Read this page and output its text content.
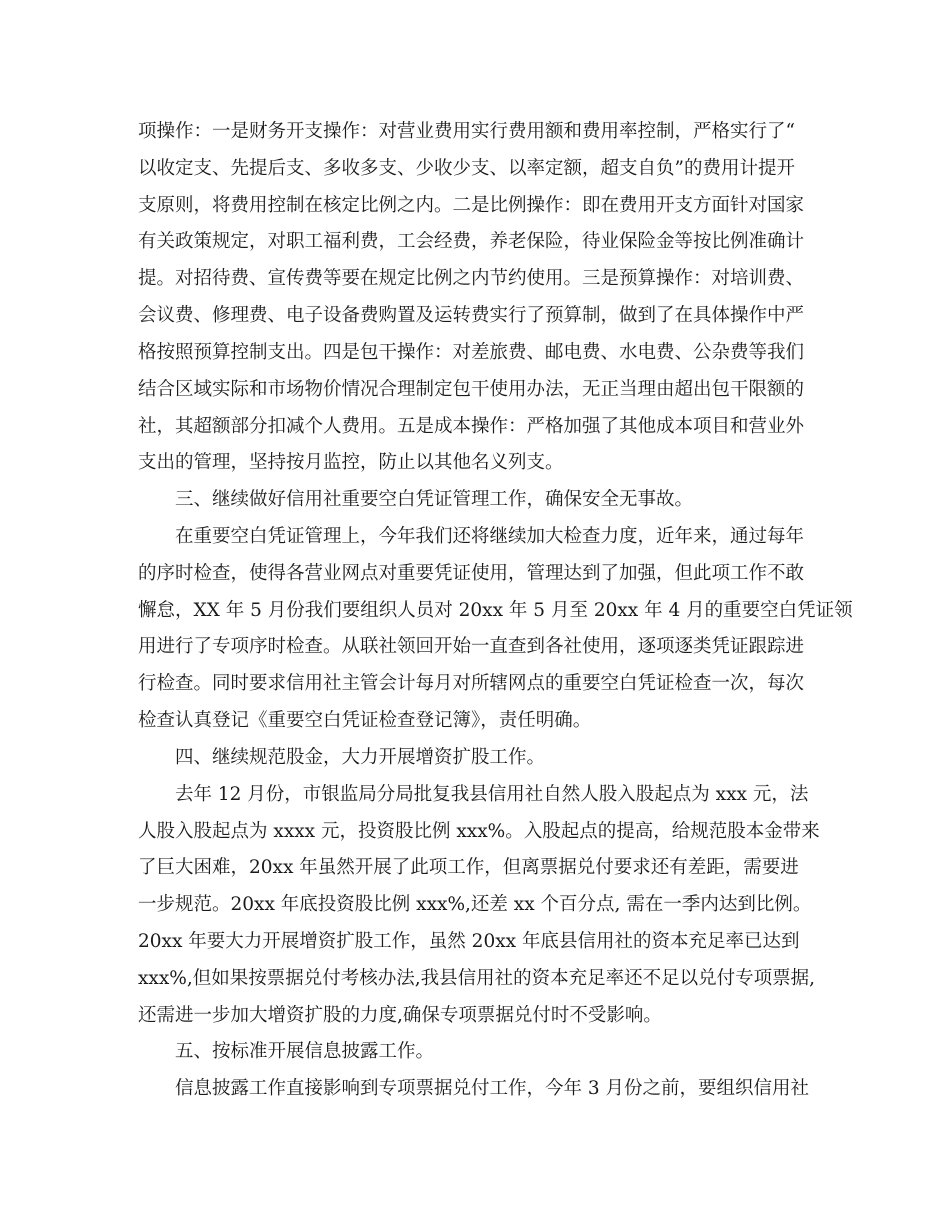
项操作：一是财务开支操作：对营业费用实行费用额和费用率控制，严格实行了“
以收定支、先提后支、多收多支、少收少支、以率定额，超支自负”的费用计提开
支原则，将费用控制在核定比例之内。二是比例操作：即在费用开支方面针对国家
有关政策规定，对职工福利费，工会经费，养老保险，待业保险金等按比例准确计
提。对招待费、宣传费等要在规定比例之内节约使用。三是预算操作：对培训费、
会议费、修理费、电子设备费购置及运转费实行了预算制，做到了在具体操作中严
格按照预算控制支出。四是包干操作：对差旅费、邮电费、水电费、公杂费等我们
结合区域实际和市场物价情况合理制定包干使用办法，无正当理由超出包干限额的
社，其超额部分扣减个人费用。五是成本操作：严格加强了其他成本项目和营业外
支出的管理，坚持按月监控，防止以其他名义列支。
三、继续做好信用社重要空白凭证管理工作，确保安全无事故。
在重要空白凭证管理上，今年我们还将继续加大检查力度，近年来，通过每年
的序时检查，使得各营业网点对重要凭证使用，管理达到了加强，但此项工作不敢
懈怠，XX 年 5 月份我们要组织人员对 20xx 年 5 月至 20xx 年 4 月的重要空白凭证领
用进行了专项序时检查。从联社领回开始一直查到各社使用，逐项逐类凭证跟踪进
行检查。同时要求信用社主管会计每月对所辖网点的重要空白凭证检查一次，每次
检查认真登记《重要空白凭证检查登记簿》，责任明确。
四、继续规范股金，大力开展增资扩股工作。
去年 12 月份，市银监局分局批复我县信用社自然人股入股起点为 xxx 元，法
人股入股起点为 xxxx 元，投资股比例 xxx%。入股起点的提高，给规范股本金带来
了巨大困难，20xx 年虽然开展了此项工作，但离票据兑付要求还有差距，需要进
一步规范。20xx 年底投资股比例 xxx%,还差 xx 个百分点, 需在一季内达到比例。
20xx 年要大力开展增资扩股工作，虽然 20xx 年底县信用社的资本充足率已达到
xxx%,但如果按票据兑付考核办法,我县信用社的资本充足率还不足以兑付专项票据,
还需进一步加大增资扩股的力度,确保专项票据兑付时不受影响。
五、按标准开展信息披露工作。
信息披露工作直接影响到专项票据兑付工作，今年 3 月份之前，要组织信用社
